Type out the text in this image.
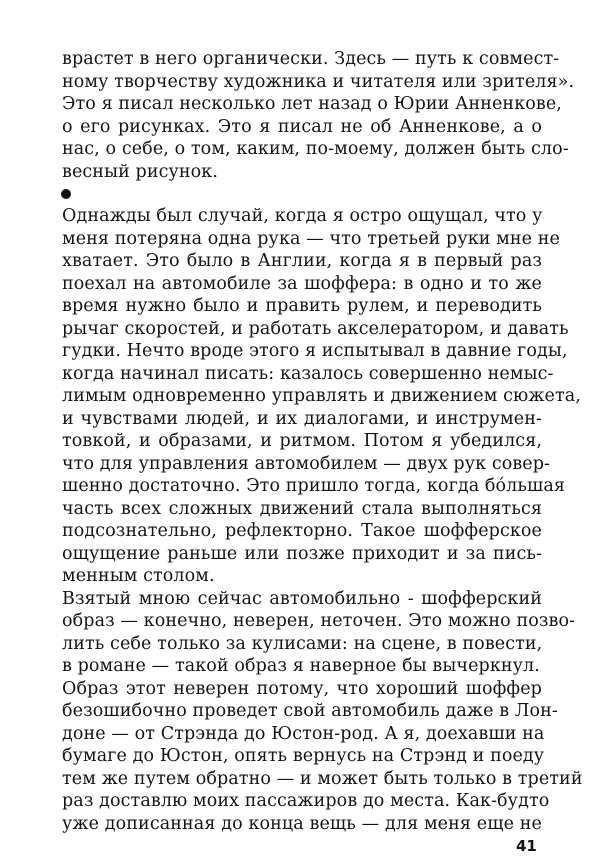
врастет в него органически. Здесь — путь к совмест-
ному творчеству художника и читателя или зрителя».
Это я писал несколько лет назад о Юрии Анненкове,
о его рисунках. Это я писал не об Анненкове, а о
нас, о себе, о том, каким, по-моему, должен быть сло-
весный рисунок.
Однажды был случай, когда я остро ощущал, что у
меня потеряна одна рука — что третьей руки мне не
хватает. Это было в Англии, когда я в первый раз
поехал на автомобиле за шоффера: в одно и то же
время нужно было и править рулем, и переводить
рычаг скоростей, и работать акселератором, и давать
гудки. Нечто вроде этого я испытывал в давние годы,
когда начинал писать: казалось совершенно немыс-
лимым одновременно управлять и движением сюжета,
и чувствами людей, и их диалогами, и инструмен-
товкой, и образами, и ритмом. Потом я убедился,
что для управления автомобилем — двух рук совер-
шенно достаточно. Это пришло тогда, когда бо́льшая
часть всех сложных движений стала выполняться
подсознательно, рефлекторно. Такое шофферское
ощущение раньше или позже приходит и за пись-
менным столом.
Взятый мною сейчас автомобильно - шофферский
образ — конечно, неверен, неточен. Это можно позво-
лить себе только за кулисами: на сцене, в повести,
в романе — такой образ я наверное бы вычеркнул.
Образ этот неверен потому, что хороший шоффер
безошибочно проведет свой автомобиль даже в Лон-
доне — от Стрэнда до Юстон-род. А я, доехавши на
бумаге до Юстон, опять вернусь на Стрэнд и поеду
тем же путем обратно — и может быть только в третий
раз доставлю моих пассажиров до места. Как-будто
уже дописанная до конца вещь — для меня еще не
41
